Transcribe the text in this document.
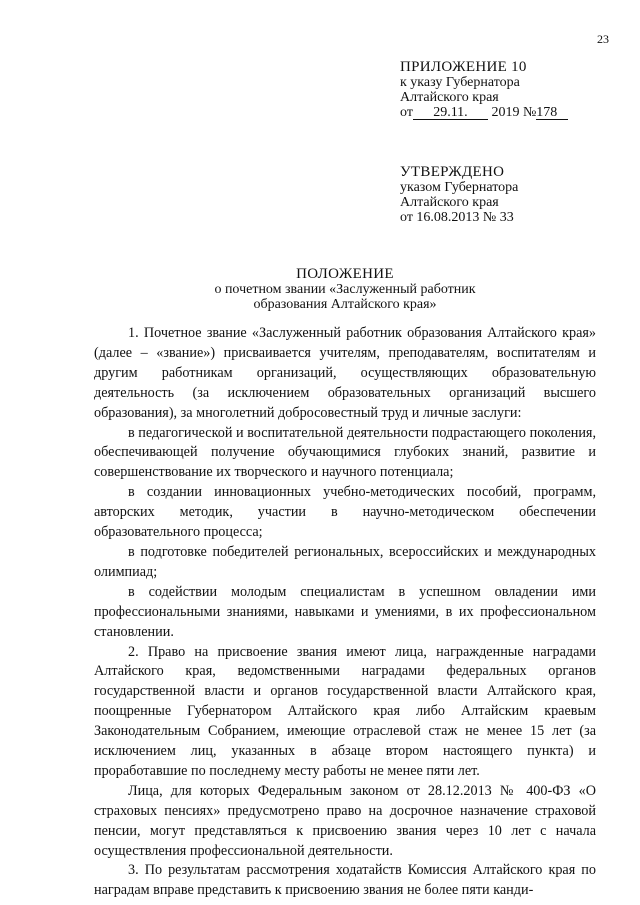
23
ПРИЛОЖЕНИЕ 10
к указу Губернатора
Алтайского края
от 29.11. 2019 №178
УТВЕРЖДЕНО
указом Губернатора
Алтайского края
от 16.08.2013 № 33
ПОЛОЖЕНИЕ
о почетном звании «Заслуженный работник
образования Алтайского края»

1. Почетное звание «Заслуженный работник образования Алтайского края» (далее – «звание») присваивается учителям, преподавателям, воспитателям и другим работникам организаций, осуществляющих образовательную деятельность (за исключением образовательных организаций высшего образования), за многолетний добросовестный труд и личные заслуги:

в педагогической и воспитательной деятельности подрастающего поколения, обеспечивающей получение обучающимися глубоких знаний, развитие и совершенствование их творческого и научного потенциала;

в создании инновационных учебно-методических пособий, программ, авторских методик, участии в научно-методическом обеспечении образовательного процесса;

в подготовке победителей региональных, всероссийских и международных олимпиад;

в содействии молодым специалистам в успешном овладении ими профессиональными знаниями, навыками и умениями, в их профессиональном становлении.

2. Право на присвоение звания имеют лица, награжденные наградами Алтайского края, ведомственными наградами федеральных органов государственной власти и органов государственной власти Алтайского края, поощренные Губернатором Алтайского края либо Алтайским краевым Законодательным Собранием, имеющие отраслевой стаж не менее 15 лет (за исключением лиц, указанных в абзаце втором настоящего пункта) и проработавшие по последнему месту работы не менее пяти лет.

Лица, для которых Федеральным законом от 28.12.2013 № 400-ФЗ «О страховых пенсиях» предусмотрено право на досрочное назначение страховой пенсии, могут представляться к присвоению звания через 10 лет с начала осуществления профессиональной деятельности.

3. По результатам рассмотрения ходатайств Комиссия Алтайского края по наградам вправе представить к присвоению звания не более пяти канди-
